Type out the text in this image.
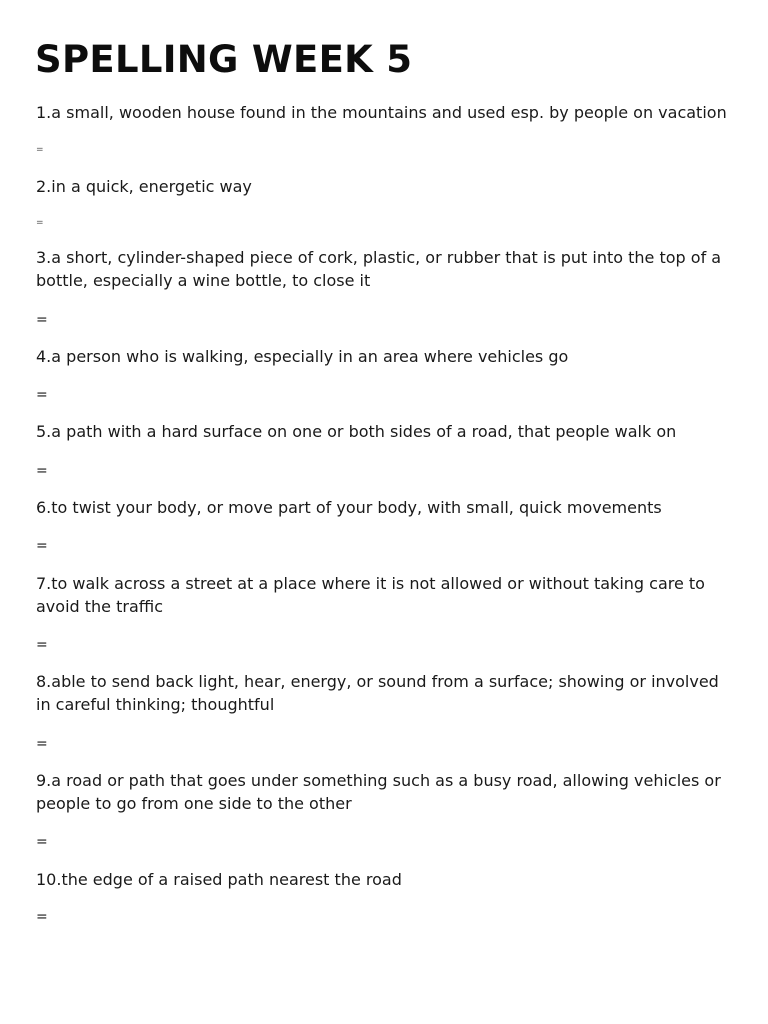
SPELLING WEEK 5

1.a small, wooden house found in the mountains and used esp. by people on vacation

=

2.in a quick, energetic way

=

3.a short, cylinder-shaped piece of cork, plastic, or rubber that is put into the top of a bottle, especially a wine bottle, to close it

=

4.a person who is walking, especially in an area where vehicles go

=

5.a path with a hard surface on one or both sides of a road, that people walk on

=

6.to twist your body, or move part of your body, with small, quick movements

=

7.to walk across a street at a place where it is not allowed or without taking care to avoid the traffic

=

8.able to send back light, hear, energy, or sound from a surface; showing or involved in careful thinking; thoughtful

=

9.a road or path that goes under something such as a busy road, allowing vehicles or people to go from one side to the other

=

10.the edge of a raised path nearest the road

=
